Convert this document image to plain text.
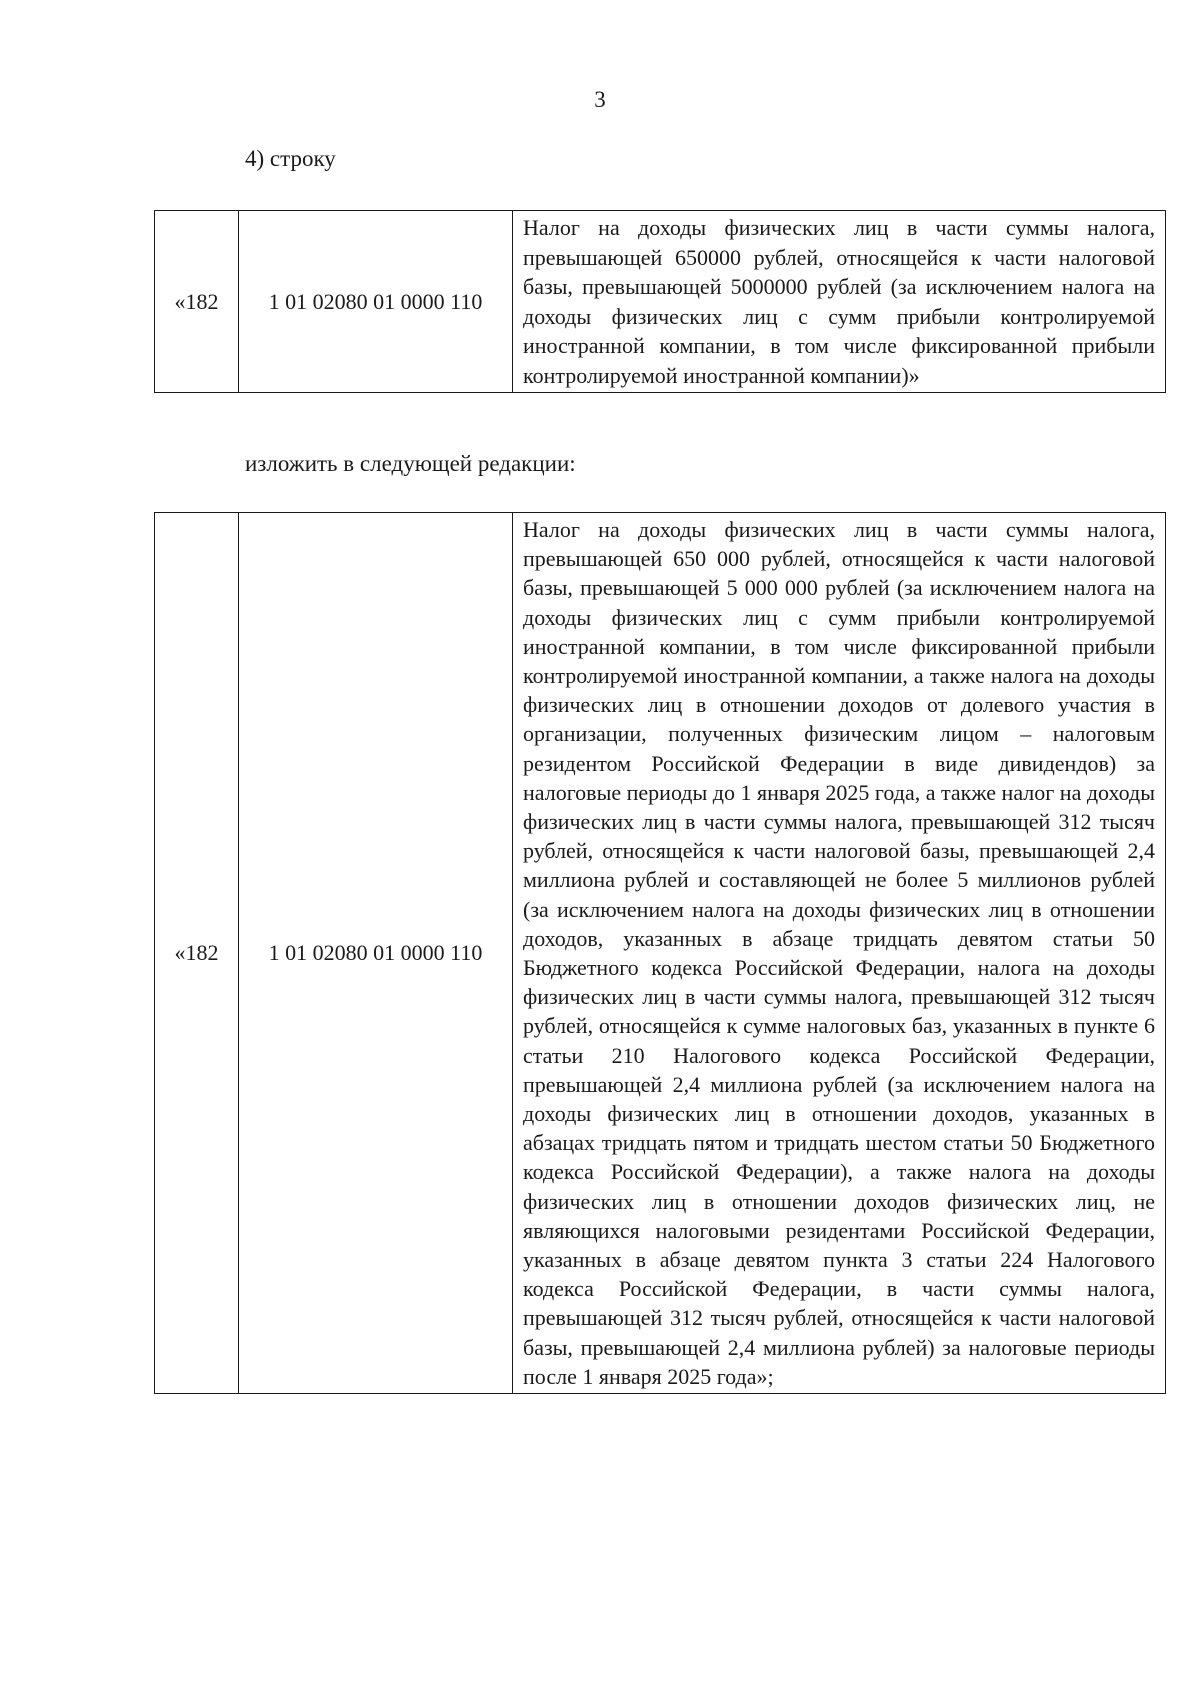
3
4) строку
«182	1 01 02080 01 0000 110	Налог на доходы физических лиц в части суммы налога, превышающей 650000 рублей, относящейся к части налоговой базы, превышающей 5000000 рублей (за исключением налога на доходы физических лиц с сумм прибыли контролируемой иностранной компании, в том числе фиксированной прибыли контролируемой иностранной компании)»
изложить в следующей редакции:
«182	1 01 02080 01 0000 110	Налог на доходы физических лиц в части суммы налога, превышающей 650 000 рублей, относящейся к части налоговой базы, превышающей 5 000 000 рублей (за исключением налога на доходы физических лиц с сумм прибыли контролируемой иностранной компании, в том числе фиксированной прибыли контролируемой иностранной компании, а также налога на доходы физических лиц в отношении доходов от долевого участия в организации, полученных физическим лицом – налоговым резидентом Российской Федерации в виде дивидендов) за налоговые периоды до 1 января 2025 года, а также налог на доходы физических лиц в части суммы налога, превышающей 312 тысяч рублей, относящейся к части налоговой базы, превышающей 2,4 миллиона рублей и составляющей не более 5 миллионов рублей (за исключением налога на доходы физических лиц в отношении доходов, указанных в абзаце тридцать девятом статьи 50 Бюджетного кодекса Российской Федерации, налога на доходы физических лиц в части суммы налога, превышающей 312 тысяч рублей, относящейся к сумме налоговых баз, указанных в пункте 6 статьи 210 Налогового кодекса Российской Федерации, превышающей 2,4 миллиона рублей (за исключением налога на доходы физических лиц в отношении доходов, указанных в абзацах тридцать пятом и тридцать шестом статьи 50 Бюджетного кодекса Российской Федерации), а также налога на доходы физических лиц в отношении доходов физических лиц, не являющихся налоговыми резидентами Российской Федерации, указанных в абзаце девятом пункта 3 статьи 224 Налогового кодекса Российской Федерации, в части суммы налога, превышающей 312 тысяч рублей, относящейся к части налоговой базы, превышающей 2,4 миллиона рублей) за налоговые периоды после 1 января 2025 года»;
